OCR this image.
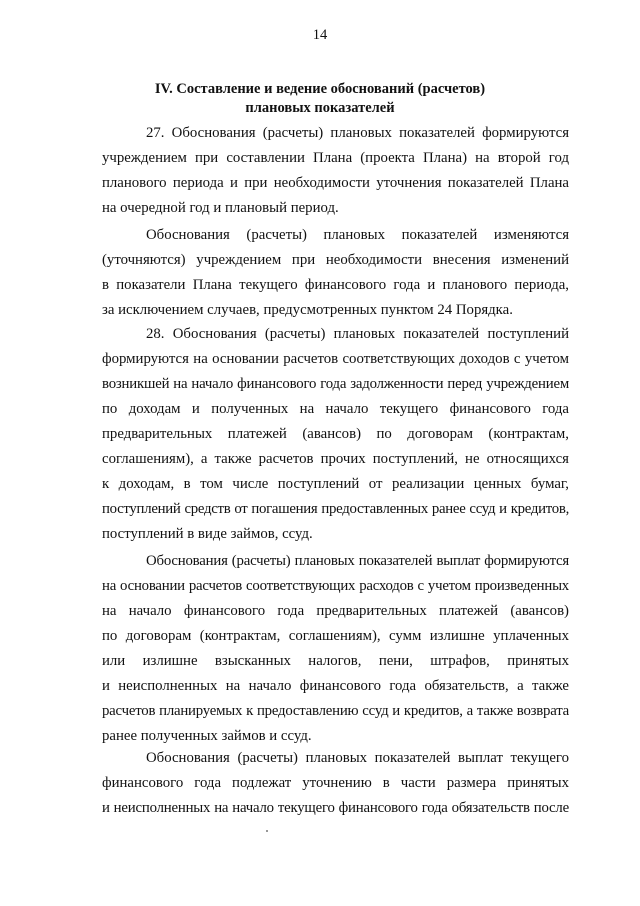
14
IV. Составление и ведение обоснований (расчетов)
плановых показателей
27. Обоснования (расчеты) плановых показателей формируются
учреждением при составлении Плана (проекта Плана) на второй год
планового периода и при необходимости уточнения показателей Плана
на очередной год и плановый период.
Обоснования (расчеты) плановых показателей изменяются
(уточняются) учреждением при необходимости внесения изменений
в показатели Плана текущего финансового года и планового периода,
за исключением случаев, предусмотренных пунктом 24 Порядка.
28. Обоснования (расчеты) плановых показателей поступлений
формируются на основании расчетов соответствующих доходов с учетом
возникшей на начало финансового года задолженности перед учреждением
по доходам и полученных на начало текущего финансового года
предварительных платежей (авансов) по договорам (контрактам,
соглашениям), а также расчетов прочих поступлений, не относящихся
к доходам, в том числе поступлений от реализации ценных бумаг,
поступлений средств от погашения предоставленных ранее ссуд и кредитов,
поступлений в виде займов, ссуд.
Обоснования (расчеты) плановых показателей выплат формируются
на основании расчетов соответствующих расходов с учетом произведенных
на начало финансового года предварительных платежей (авансов)
по договорам (контрактам, соглашениям), сумм излишне уплаченных
или излишне взысканных налогов, пени, штрафов, принятых
и неисполненных на начало финансового года обязательств, а также
расчетов планируемых к предоставлению ссуд и кредитов, а также возврата
ранее полученных займов и ссуд.
Обоснования (расчеты) плановых показателей выплат текущего
финансового года подлежат уточнению в части размера принятых
и неисполненных на начало текущего финансового года обязательств после
